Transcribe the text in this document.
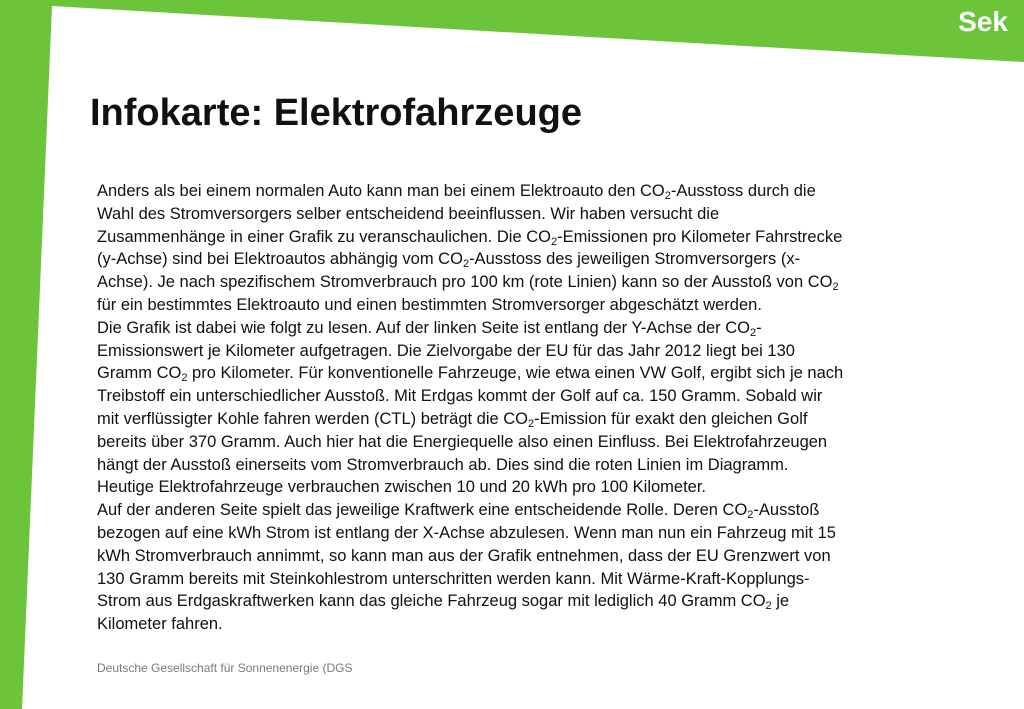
Sek
Infokarte: Elektrofahrzeuge
Anders als bei einem normalen Auto kann man bei einem Elektroauto den $CO_2$-Ausstoss durch die
Wahl des Stromversorgers selber entscheidend beeinflussen. Wir haben versucht die
Zusammenhänge in einer Grafik zu veranschaulichen. Die $CO_2$-Emissionen pro Kilometer Fahrstrecke
(y-Achse) sind bei Elektroautos abhängig vom $CO_2$-Ausstoss des jeweiligen Stromversorgers (x-
Achse). Je nach spezifischem Stromverbrauch pro 100 km (rote Linien) kann so der Ausstoß von $CO_2$
für ein bestimmtes Elektroauto und einen bestimmten Stromversorger abgeschätzt werden.
Die Grafik ist dabei wie folgt zu lesen. Auf der linken Seite ist entlang der Y-Achse der $CO_2-$
Emissionswert je Kilometer aufgetragen. Die Zielvorgabe der EU für das Jahr 2012 liegt bei 130
Gramm $CO_2$ pro Kilometer. Für konventionelle Fahrzeuge, wie etwa einen VW Golf, ergibt sich je nach
Treibstoff ein unterschiedlicher Ausstoß. Mit Erdgas kommt der Golf auf ca. 150 Gramm. Sobald wir
mit verflüssigter Kohle fahren werden (CTL) beträgt die $CO_2$-Emission für exakt den gleichen Golf
bereits über 370 Gramm. Auch hier hat die Energiequelle also einen Einfluss. Bei Elektrofahrzeugen
hängt der Ausstoß einerseits vom Stromverbrauch ab. Dies sind die roten Linien im Diagramm.
Heutige Elektrofahrzeuge verbrauchen zwischen 10 und 20 kWh pro 100 Kilometer.
Auf der anderen Seite spielt das jeweilige Kraftwerk eine entscheidende Rolle. Deren $CO_2$-Ausstoß
bezogen auf eine kWh Strom ist entlang der X-Achse abzulesen. Wenn man nun ein Fahrzeug mit 15
kWh Stromverbrauch annimmt, so kann man aus der Grafik entnehmen, dass der EU Grenzwert von
130 Gramm bereits mit Steinkohlestrom unterschritten werden kann. Mit Wärme-Kraft-Kopplungs-
Strom aus Erdgaskraftwerken kann das gleiche Fahrzeug sogar mit lediglich 40 Gramm $CO_2$ je
Kilometer fahren.
Deutsche Gesellschaft für Sonnenenergie (DGS
